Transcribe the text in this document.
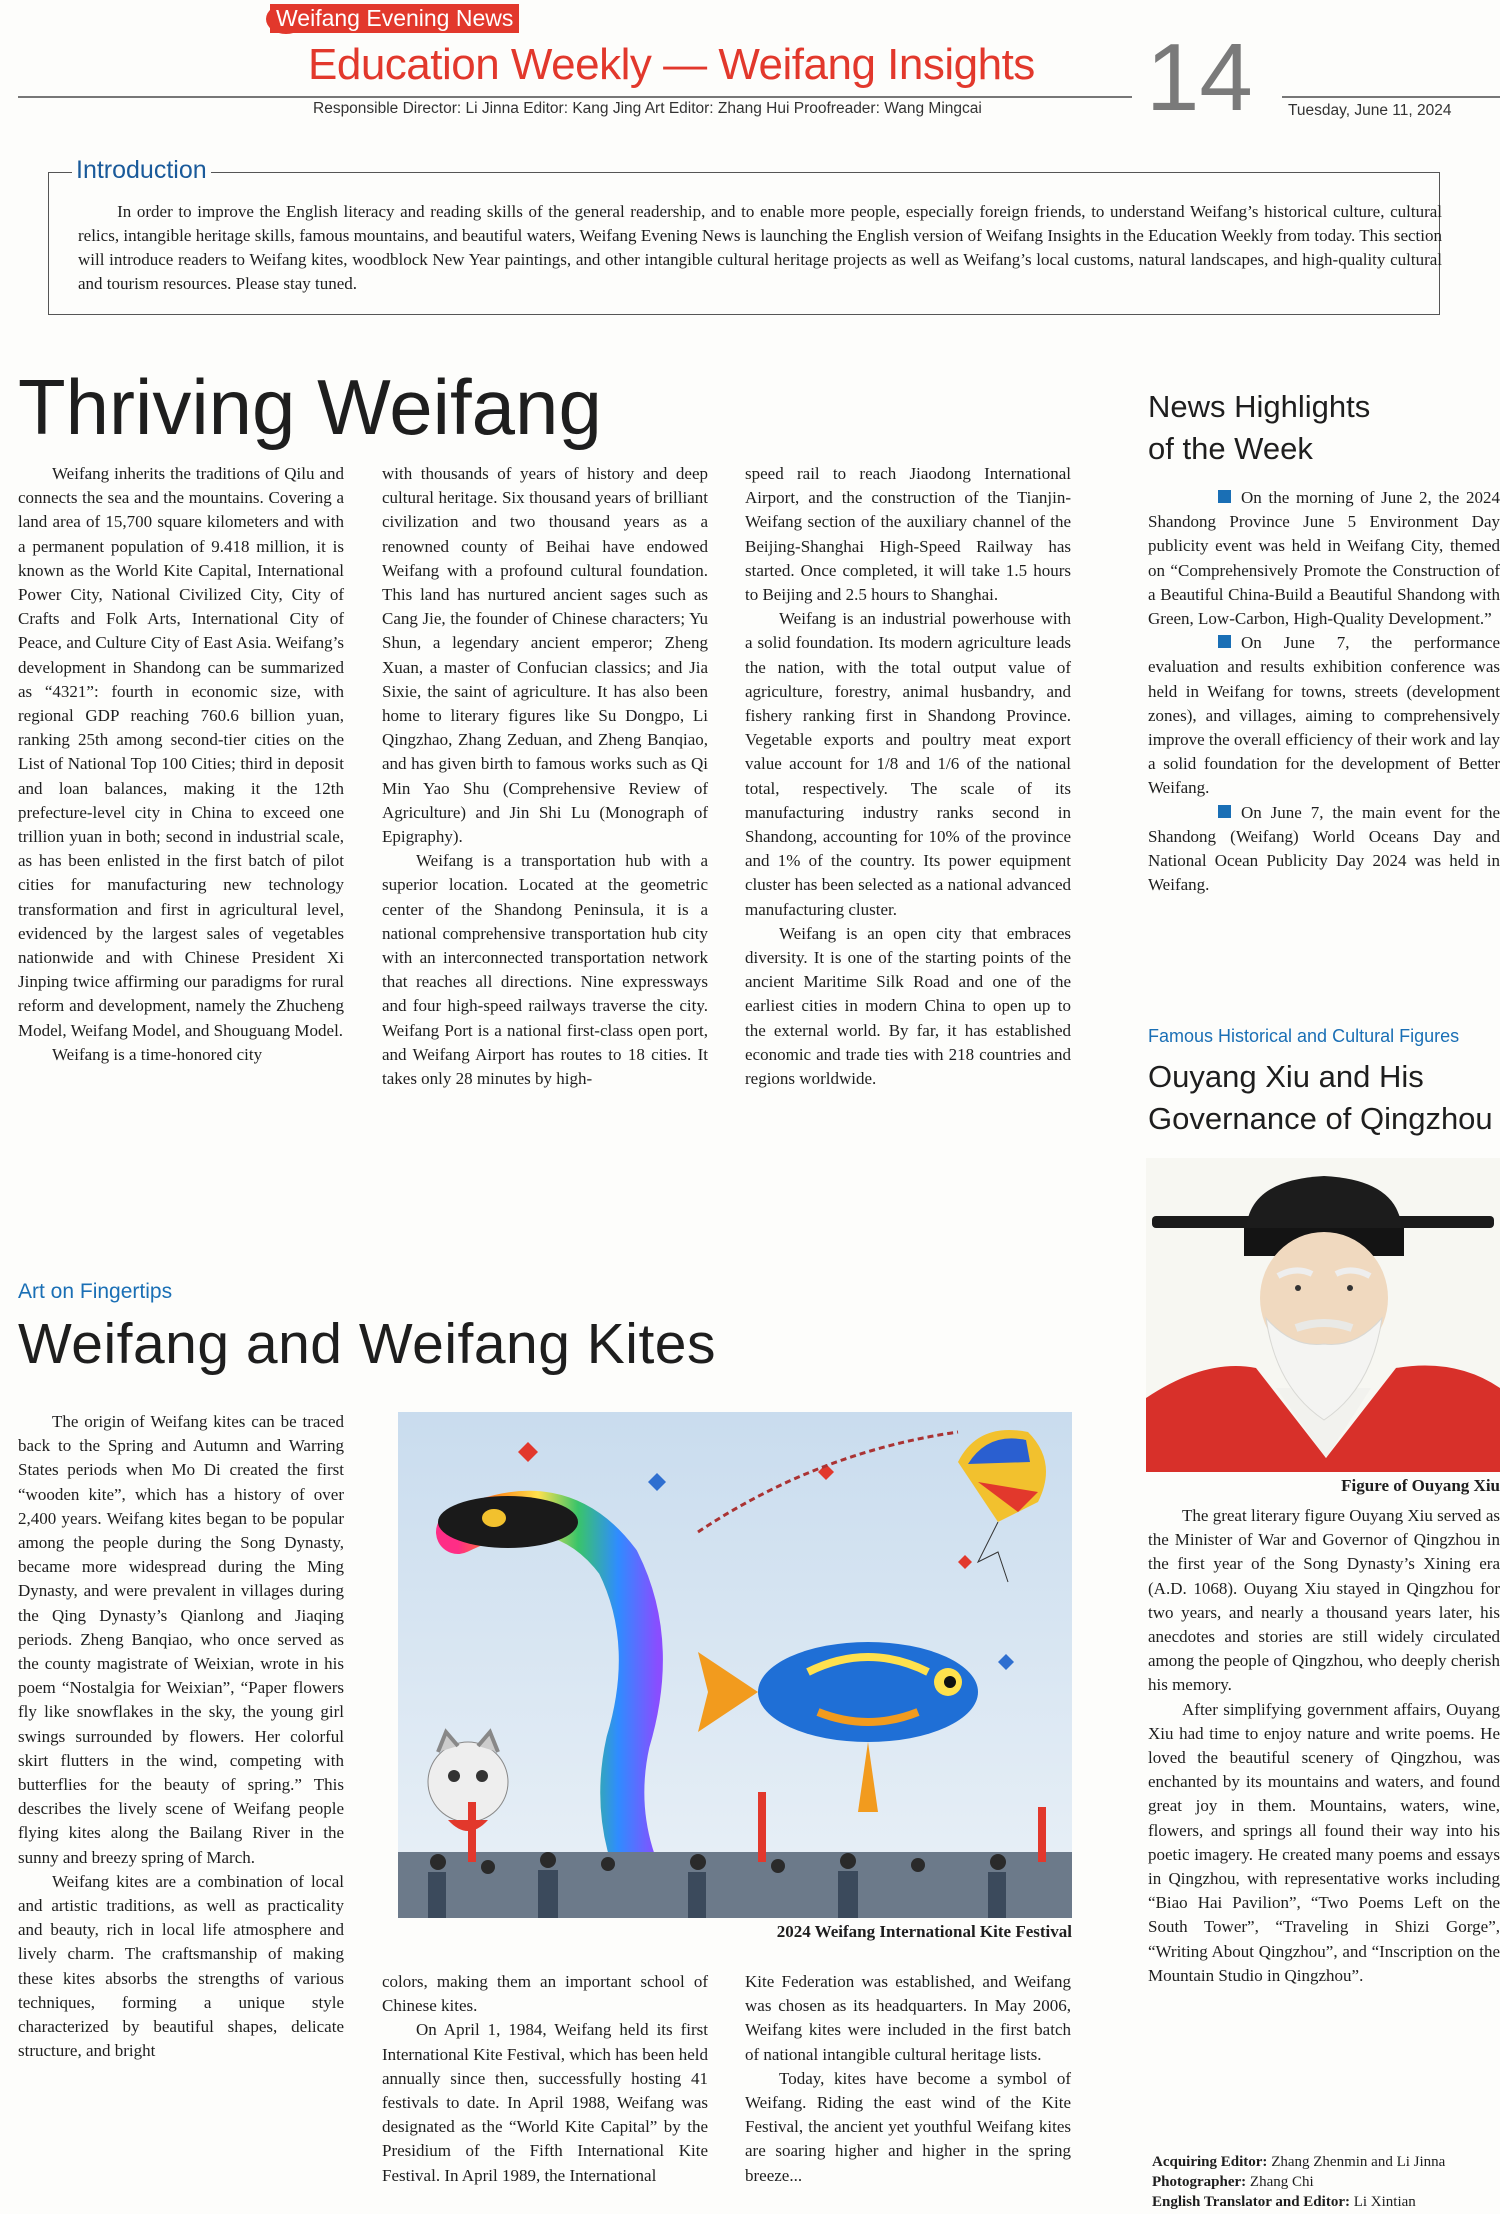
Weifang Evening News
Education Weekly — Weifang Insights 14
Responsible Director: Li Jinna Editor: Kang Jing Art Editor: Zhang Hui Proofreader: Wang Mingcai	Tuesday, June 11, 2024
Introduction
In order to improve the English literacy and reading skills of the general readership, and to enable more people, especially foreign friends, to understand Weifang’s historical culture, cultural relics, intangible heritage skills, famous mountains, and beautiful waters, Weifang Evening News is launching the English version of Weifang Insights in the Education Weekly from today. This section will introduce readers to Weifang kites, woodblock New Year paintings, and other intangible cultural heritage projects as well as Weifang’s local customs, natural landscapes, and high-quality cultural and tourism resources. Please stay tuned.
Thriving Weifang

Weifang inherits the traditions of Qilu and connects the sea and the mountains. Covering a land area of 15,700 square kilometers and with a permanent population of 9.418 million, it is known as the World Kite Capital, International Power City, National Civilized City, City of Crafts and Folk Arts, International City of Peace, and Culture City of East Asia. Weifang’s development in Shandong can be summarized as “4321”: fourth in economic size, with regional GDP reaching 760.6 billion yuan, ranking 25th among second-tier cities on the List of National Top 100 Cities; third in deposit and loan balances, making it the 12th prefecture-level city in China to exceed one trillion yuan in both; second in industrial scale, as has been enlisted in the first batch of pilot cities for manufacturing new technology transformation and first in agricultural level, evidenced by the largest sales of vegetables nationwide and with Chinese President Xi Jinping twice affirming our paradigms for rural reform and development, namely the Zhucheng Model, Weifang Model, and Shouguang Model.

Weifang is a time-honored city

with thousands of years of history and deep cultural heritage. Six thousand years of brilliant civilization and two thousand years as a renowned county of Beihai have endowed Weifang with a profound cultural foundation. This land has nurtured ancient sages such as Cang Jie, the founder of Chinese characters; Yu Shun, a legendary ancient emperor; Zheng Xuan, a master of Confucian classics; and Jia Sixie, the saint of agriculture. It has also been home to literary figures like Su Dongpo, Li Qingzhao, Zhang Zeduan, and Zheng Banqiao, and has given birth to famous works such as Qi Min Yao Shu (Comprehensive Review of Agriculture) and Jin Shi Lu (Monograph of Epigraphy).

Weifang is a transportation hub with a superior location. Located at the geometric center of the Shandong Peninsula, it is a national comprehensive transportation hub city with an interconnected transportation network that reaches all directions. Nine expressways and four high-speed railways traverse the city. Weifang Port is a national first-class open port, and Weifang Airport has routes to 18 cities. It takes only 28 minutes by high-

speed rail to reach Jiaodong International Airport, and the construction of the Tianjin-Weifang section of the auxiliary channel of the Beijing-Shanghai High-Speed Railway has started. Once completed, it will take 1.5 hours to Beijing and 2.5 hours to Shanghai.

Weifang is an industrial powerhouse with a solid foundation. Its modern agriculture leads the nation, with the total output value of agriculture, forestry, animal husbandry, and fishery ranking first in Shandong Province. Vegetable exports and poultry meat export value account for 1/8 and 1/6 of the national total, respectively. The scale of its manufacturing industry ranks second in Shandong, accounting for 10% of the province and 1% of the country. Its power equipment cluster has been selected as a national advanced manufacturing cluster.

Weifang is an open city that embraces diversity. It is one of the starting points of the ancient Maritime Silk Road and one of the earliest cities in modern China to open up to the external world. By far, it has established economic and trade ties with 218 countries and regions worldwide.

News Highlights
of the Week

On the morning of June 2, the 2024 Shandong Province June 5 Environment Day publicity event was held in Weifang City, themed on “Comprehensively Promote the Construction of a Beautiful China-Build a Beautiful Shandong with Green, Low-Carbon, High-Quality Development.”

On June 7, the performance evaluation and results exhibition conference was held in Weifang for towns, streets (development zones), and villages, aiming to comprehensively improve the overall efficiency of their work and lay a solid foundation for the development of Better Weifang.

On June 7, the main event for the Shandong (Weifang) World Oceans Day and National Ocean Publicity Day 2024 was held in Weifang.

Famous Historical and Cultural Figures
Ouyang Xiu and His
Governance of Qingzhou
Figure of Ouyang Xiu

The great literary figure Ouyang Xiu served as the Minister of War and Governor of Qingzhou in the first year of the Song Dynasty’s Xining era (A.D. 1068). Ouyang Xiu stayed in Qingzhou for two years, and nearly a thousand years later, his anecdotes and stories are still widely circulated among the people of Qingzhou, who deeply cherish his memory.

After simplifying government affairs, Ouyang Xiu had time to enjoy nature and write poems. He loved the beautiful scenery of Qingzhou, was enchanted by its mountains and waters, and found great joy in them. Mountains, waters, wine, flowers, and springs all found their way into his poetic imagery. He created many poems and essays in Qingzhou, with representative works including “Biao Hai Pavilion”, “Two Poems Left on the South Tower”, “Traveling in Shizi Gorge”, “Writing About Qingzhou”, and “Inscription on the Mountain Studio in Qingzhou”.

Acquiring Editor: Zhang Zhenmin and Li Jinna
Photographer: Zhang Chi
English Translator and Editor: Li Xintian
Art on Fingertips
Weifang and Weifang Kites

The origin of Weifang kites can be traced back to the Spring and Autumn and Warring States periods when Mo Di created the first “wooden kite”, which has a history of over 2,400 years. Weifang kites began to be popular among the people during the Song Dynasty, became more widespread during the Ming Dynasty, and were prevalent in villages during the Qing Dynasty’s Qianlong and Jiaqing periods. Zheng Banqiao, who once served as the county magistrate of Weixian, wrote in his poem “Nostalgia for Weixian”, “Paper flowers fly like snowflakes in the sky, the young girl swings surrounded by flowers. Her colorful skirt flutters in the wind, competing with butterflies for the beauty of spring.” This describes the lively scene of Weifang people flying kites along the Bailang River in the sunny and breezy spring of March.

Weifang kites are a combination of local and artistic traditions, as well as practicality and beauty, rich in local life atmosphere and lively charm. The craftsmanship of making these kites absorbs the strengths of various techniques, forming a unique style characterized by beautiful shapes, delicate structure, and bright

2024 Weifang International Kite Festival

colors, making them an important school of Chinese kites.

On April 1, 1984, Weifang held its first International Kite Festival, which has been held annually since then, successfully hosting 41 festivals to date. In April 1988, Weifang was designated as the “World Kite Capital” by the Presidium of the Fifth International Kite Festival. In April 1989, the International

Kite Federation was established, and Weifang was chosen as its headquarters. In May 2006, Weifang kites were included in the first batch of national intangible cultural heritage lists.

Today, kites have become a symbol of Weifang. Riding the east wind of the Kite Festival, the ancient yet youthful Weifang kites are soaring higher and higher in the spring breeze...
